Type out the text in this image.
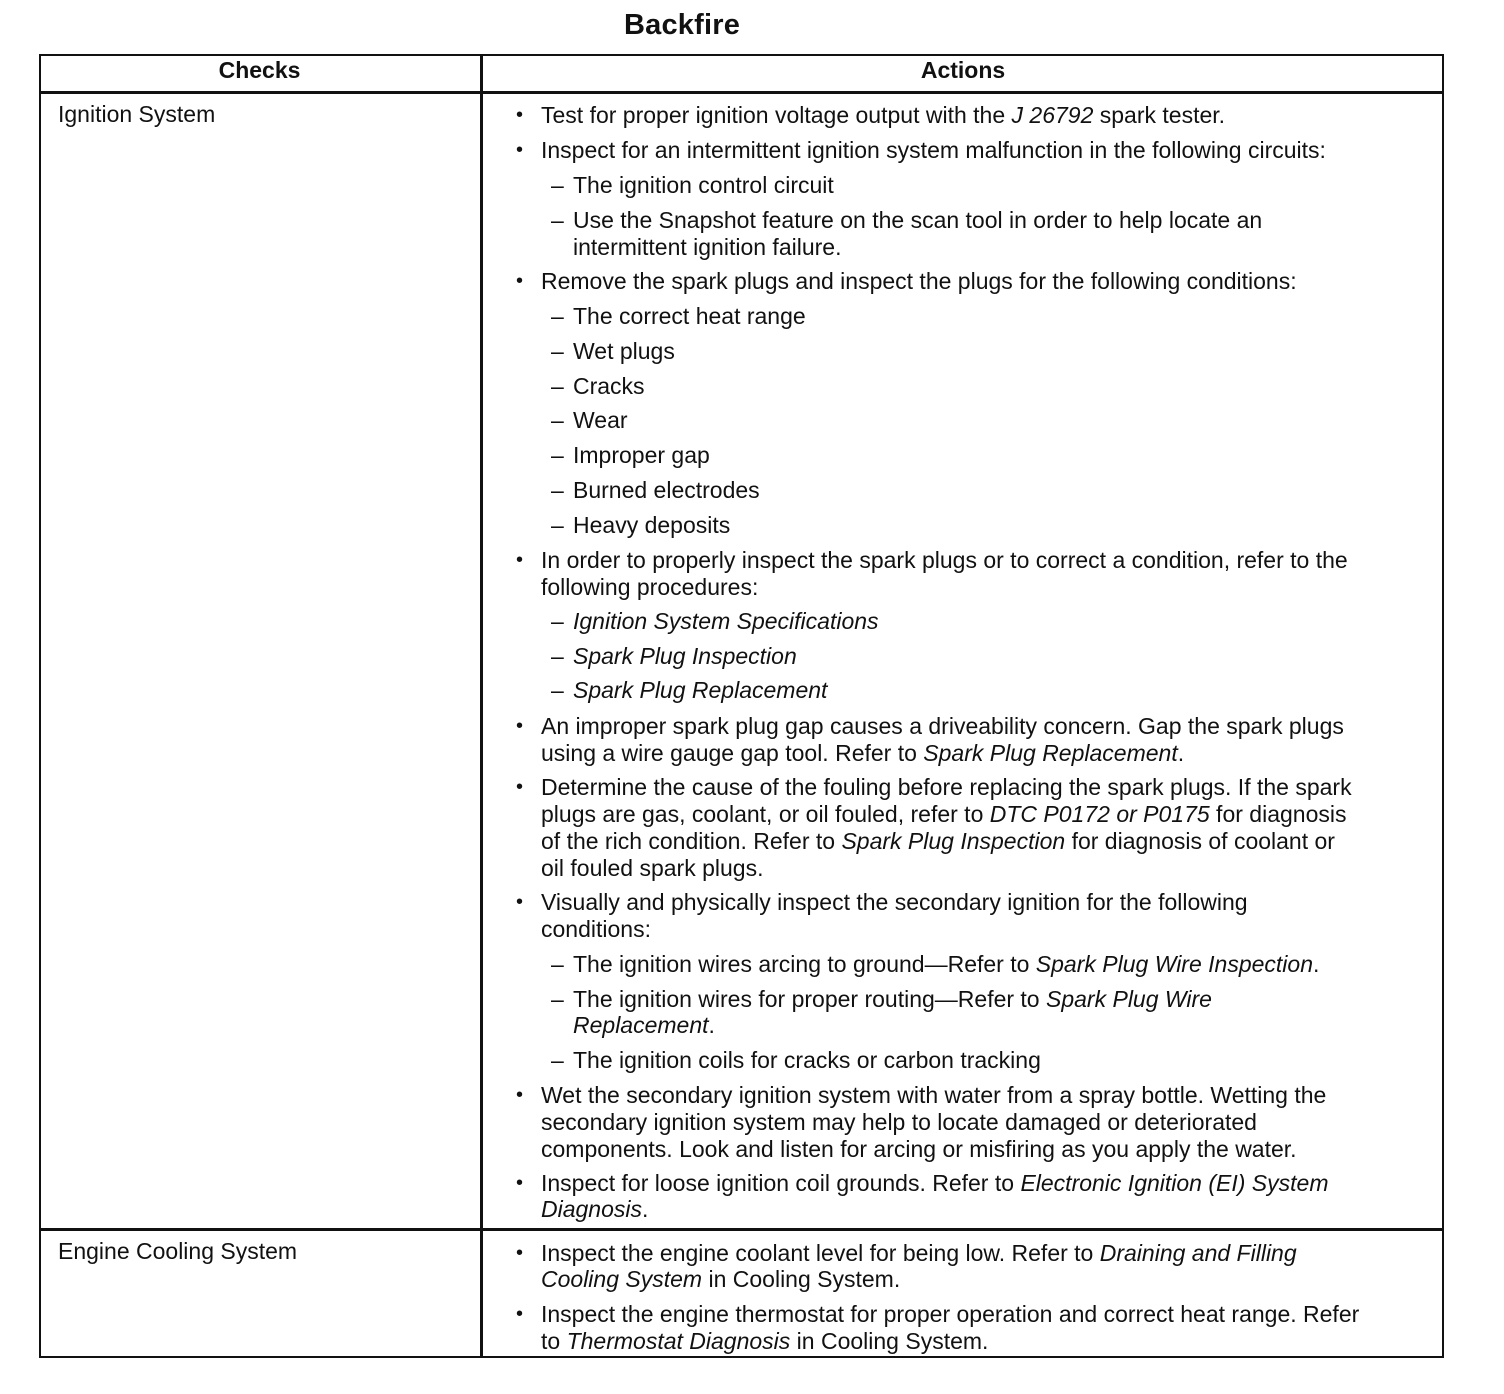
Backfire
Checks	Actions
Ignition System
Engine Cooling System
• Test for proper ignition voltage output with the J 26792 spark tester.
• Inspect for an intermittent ignition system malfunction in the following circuits:
– The ignition control circuit
– Use the Snapshot feature on the scan tool in order to help locate an
intermittent ignition failure.
• Remove the spark plugs and inspect the plugs for the following conditions:
– The correct heat range
– Wet plugs
– Cracks
– Wear
– Improper gap
– Burned electrodes
– Heavy deposits
• In order to properly inspect the spark plugs or to correct a condition, refer to the
following procedures:
– Ignition System Specifications
– Spark Plug Inspection
– Spark Plug Replacement
• An improper spark plug gap causes a driveability concern. Gap the spark plugs
using a wire gauge gap tool. Refer to Spark Plug Replacement.
• Determine the cause of the fouling before replacing the spark plugs. If the spark
plugs are gas, coolant, or oil fouled, refer to DTC P0172 or P0175 for diagnosis
of the rich condition. Refer to Spark Plug Inspection for diagnosis of coolant or
oil fouled spark plugs.
• Visually and physically inspect the secondary ignition for the following
conditions:
– The ignition wires arcing to ground—Refer to Spark Plug Wire Inspection.
– The ignition wires for proper routing—Refer to Spark Plug Wire
Replacement.
– The ignition coils for cracks or carbon tracking
• Wet the secondary ignition system with water from a spray bottle. Wetting the
secondary ignition system may help to locate damaged or deteriorated
components. Look and listen for arcing or misfiring as you apply the water.
• Inspect for loose ignition coil grounds. Refer to Electronic Ignition (EI) System
Diagnosis.
• Inspect the engine coolant level for being low. Refer to Draining and Filling
Cooling System in Cooling System.
• Inspect the engine thermostat for proper operation and correct heat range. Refer
to Thermostat Diagnosis in Cooling System.
